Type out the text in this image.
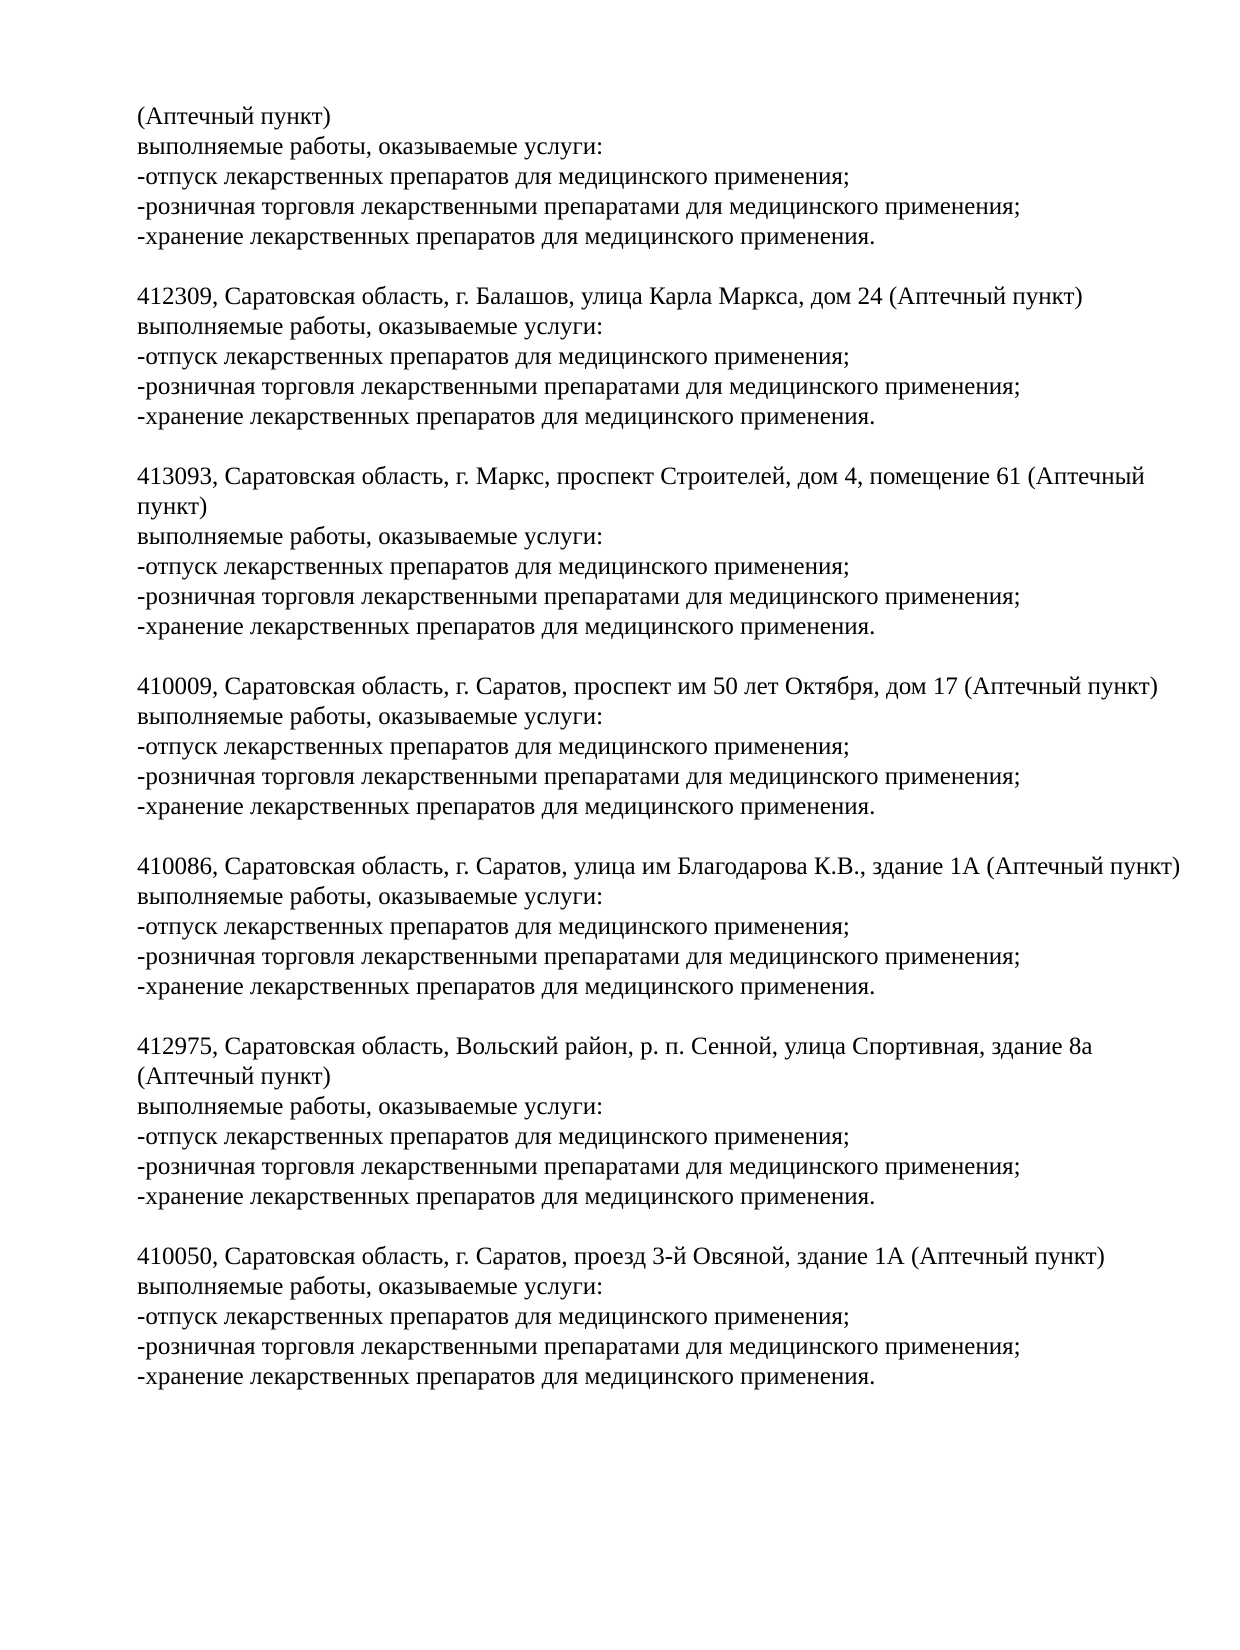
(Аптечный пункт)

выполняемые работы, оказываемые услуги:

-отпуск лекарственных препаратов для медицинского применения;

-розничная торговля лекарственными препаратами для медицинского применения;

-хранение лекарственных препаратов для медицинского применения.

412309, Саратовская область, г. Балашов, улица Карла Маркса, дом 24 (Аптечный пункт)

выполняемые работы, оказываемые услуги:

-отпуск лекарственных препаратов для медицинского применения;

-розничная торговля лекарственными препаратами для медицинского применения;

-хранение лекарственных препаратов для медицинского применения.

413093, Саратовская область, г. Маркс, проспект Строителей, дом 4, помещение 61 (Аптечный пункт)

выполняемые работы, оказываемые услуги:

-отпуск лекарственных препаратов для медицинского применения;

-розничная торговля лекарственными препаратами для медицинского применения;

-хранение лекарственных препаратов для медицинского применения.

410009, Саратовская область, г. Саратов, проспект им 50 лет Октября, дом 17 (Аптечный пункт)

выполняемые работы, оказываемые услуги:

-отпуск лекарственных препаратов для медицинского применения;

-розничная торговля лекарственными препаратами для медицинского применения;

-хранение лекарственных препаратов для медицинского применения.

410086, Саратовская область, г. Саратов, улица им Благодарова К.В., здание 1А (Аптечный пункт)

выполняемые работы, оказываемые услуги:

-отпуск лекарственных препаратов для медицинского применения;

-розничная торговля лекарственными препаратами для медицинского применения;

-хранение лекарственных препаратов для медицинского применения.

412975, Саратовская область, Вольский район, р. п. Сенной, улица Спортивная, здание 8а (Аптечный пункт)

выполняемые работы, оказываемые услуги:

-отпуск лекарственных препаратов для медицинского применения;

-розничная торговля лекарственными препаратами для медицинского применения;

-хранение лекарственных препаратов для медицинского применения.

410050, Саратовская область, г. Саратов, проезд 3-й Овсяной, здание 1А (Аптечный пункт)

выполняемые работы, оказываемые услуги:

-отпуск лекарственных препаратов для медицинского применения;

-розничная торговля лекарственными препаратами для медицинского применения;

-хранение лекарственных препаратов для медицинского применения.
